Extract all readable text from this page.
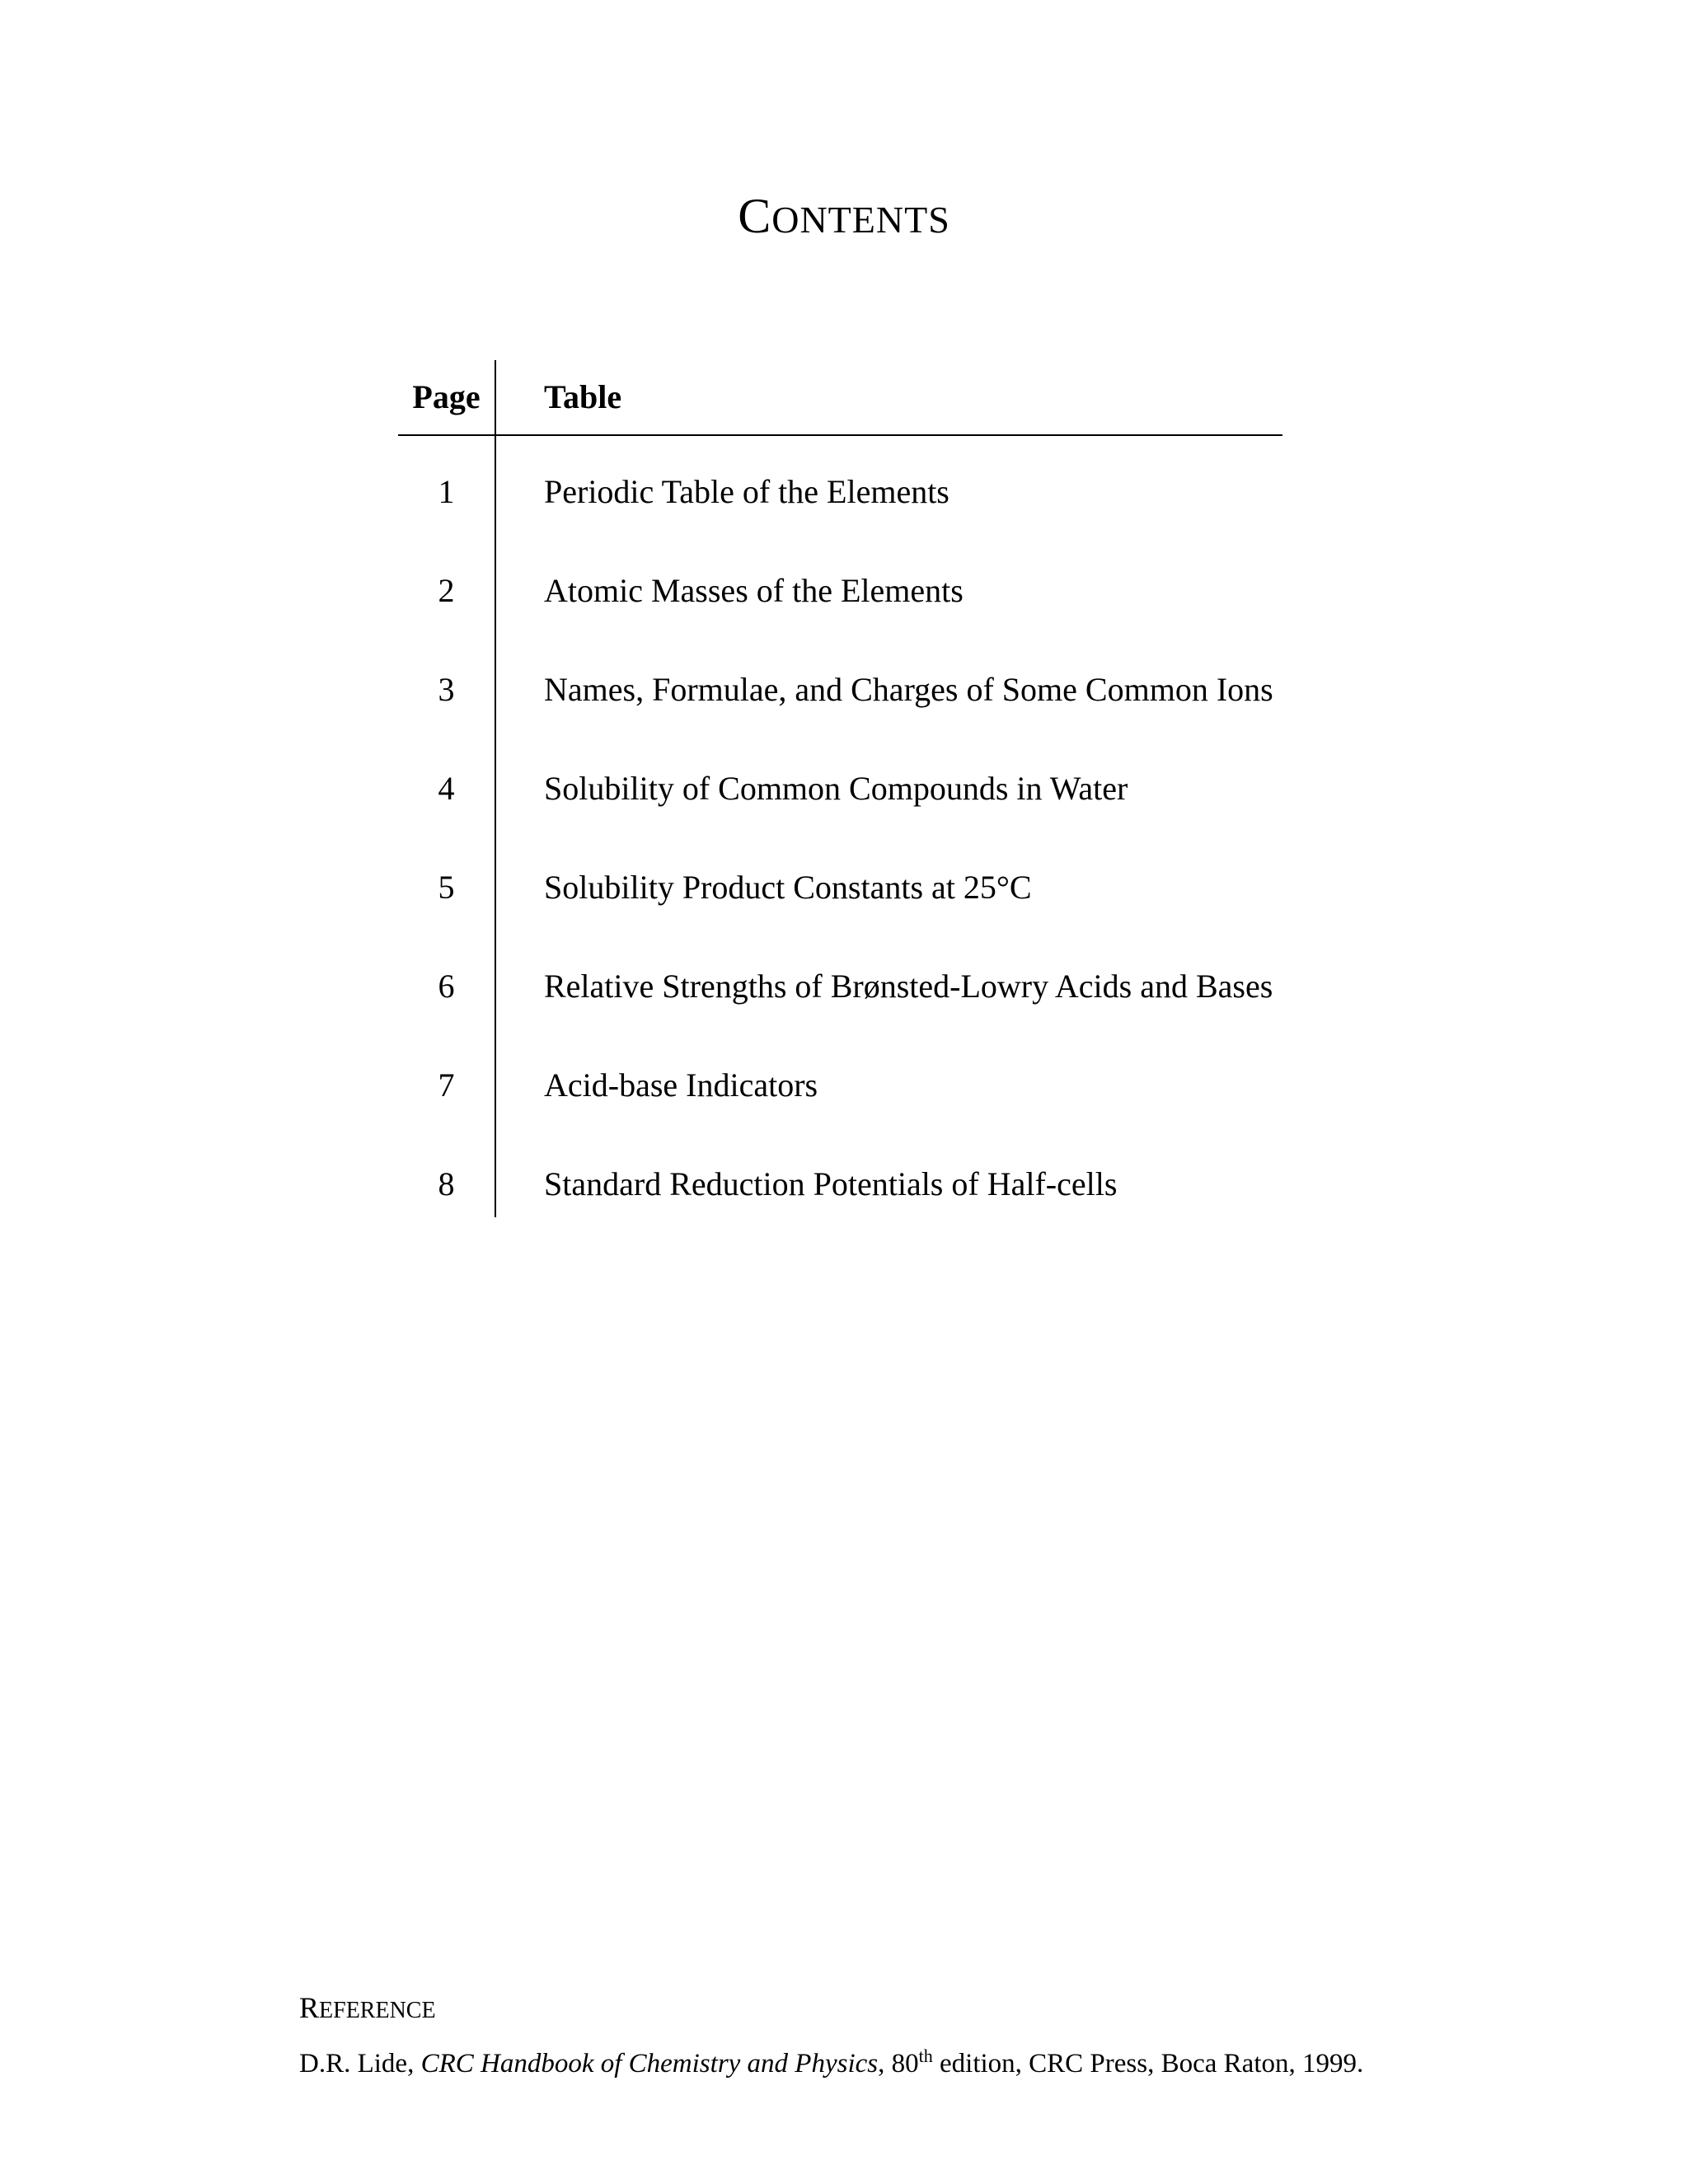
CONTENTS
Page	Table
1	Periodic Table of the Elements
2	Atomic Masses of the Elements
3	Names, Formulae, and Charges of Some Common Ions
4	Solubility of Common Compounds in Water
5	Solubility Product Constants at 25°C
6	Relative Strengths of Brønsted-Lowry Acids and Bases
7	Acid-base Indicators
8	Standard Reduction Potentials of Half-cells
REFERENCE
D.R. Lide, CRC Handbook of Chemistry and Physics, 80th edition, CRC Press, Boca Raton, 1999.
